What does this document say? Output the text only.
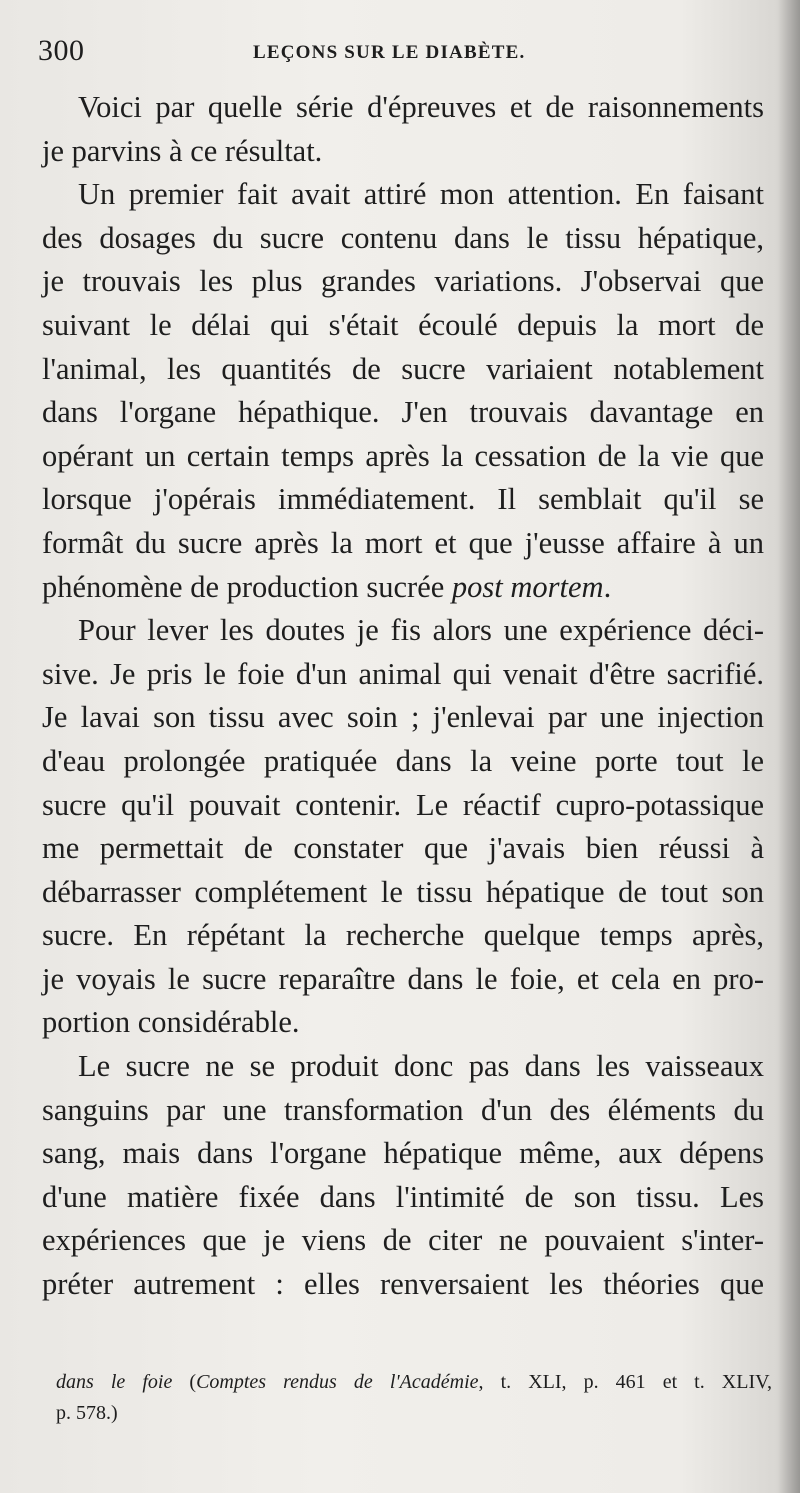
300	LEÇONS SUR LE DIABÈTE.
Voici par quelle série d'épreuves et de raisonnements
je parvins à ce résultat.
Un premier fait avait attiré mon attention. En faisant
des dosages du sucre contenu dans le tissu hépatique,
je trouvais les plus grandes variations. J'observai que
suivant le délai qui s'était écoulé depuis la mort de
l'animal, les quantités de sucre variaient notablement
dans l'organe hépathique. J'en trouvais davantage en
opérant un certain temps après la cessation de la vie que
lorsque j'opérais immédiatement. Il semblait qu'il se
formât du sucre après la mort et que j'eusse affaire à un
phénomène de production sucrée post mortem.
Pour lever les doutes je fis alors une expérience déci-
sive. Je pris le foie d'un animal qui venait d'être sacrifié.
Je lavai son tissu avec soin ; j'enlevai par une injection
d'eau prolongée pratiquée dans la veine porte tout le
sucre qu'il pouvait contenir. Le réactif cupro-potassique
me permettait de constater que j'avais bien réussi à
débarrasser complétement le tissu hépatique de tout son
sucre. En répétant la recherche quelque temps après,
je voyais le sucre reparaître dans le foie, et cela en pro-
portion considérable.
Le sucre ne se produit donc pas dans les vaisseaux
sanguins par une transformation d'un des éléments du
sang, mais dans l'organe hépatique même, aux dépens
d'une matière fixée dans l'intimité de son tissu. Les
expériences que je viens de citer ne pouvaient s'inter-
préter autrement : elles renversaient les théories que
dans le foie (Comptes rendus de l'Académie, t. XLI, p. 461 et t. XLIV,
p. 578.)
